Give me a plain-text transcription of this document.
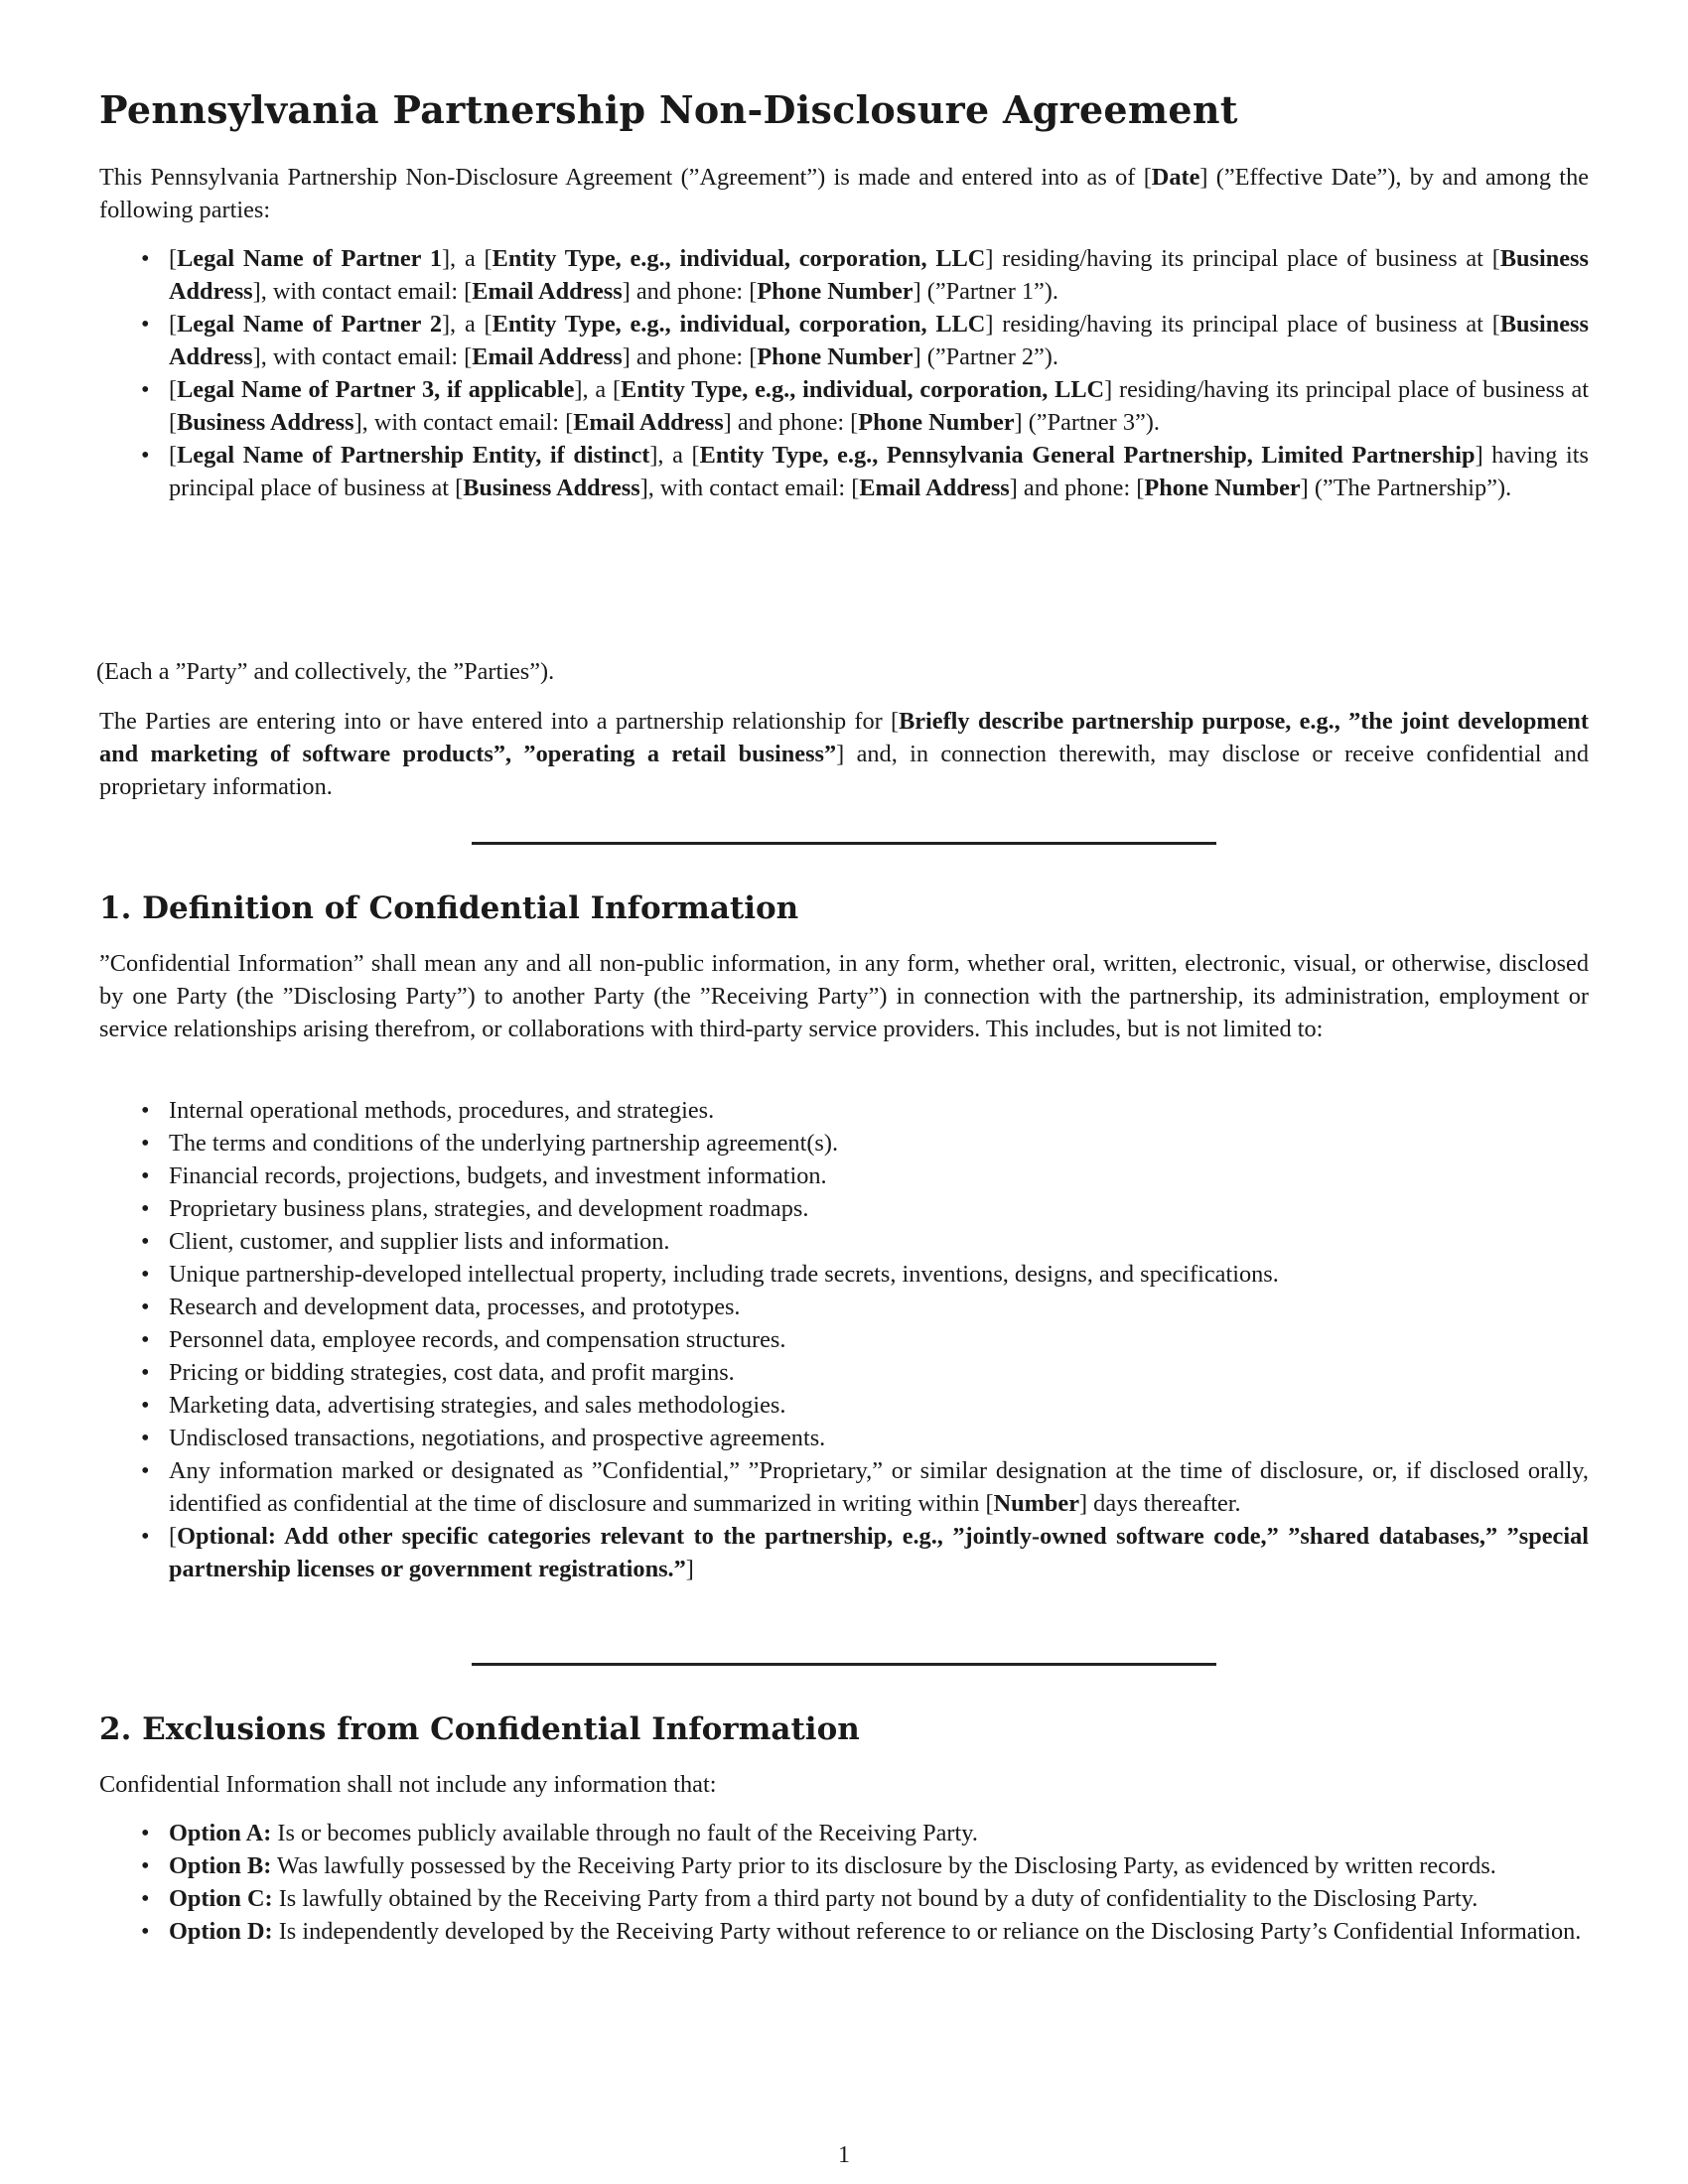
Pennsylvania Partnership Non-Disclosure Agreement

This Pennsylvania Partnership Non-Disclosure Agreement (”Agreement”) is made and entered into as of [Date] (”Effective Date”), by and among the following parties:

• [Legal Name of Partner 1], a [Entity Type, e.g., individual, corporation, LLC] residing/having its principal place of business at [Business Address], with contact email: [Email Address] and phone: [Phone Number] (”Partner 1”).
• [Legal Name of Partner 2], a [Entity Type, e.g., individual, corporation, LLC] residing/having its principal place of business at [Business Address], with contact email: [Email Address] and phone: [Phone Number] (”Partner 2”).
• [Legal Name of Partner 3, if applicable], a [Entity Type, e.g., individual, corporation, LLC] residing/having its principal place of business at [Business Address], with contact email: [Email Address] and phone: [Phone Number] (”Partner 3”).
• [Legal Name of Partnership Entity, if distinct], a [Entity Type, e.g., Pennsylvania General Partnership, Limited Partnership] having its principal place of business at [Business Address], with contact email: [Email Address] and phone: [Phone Number] (”The Partnership”).

(Each a ”Party” and collectively, the ”Parties”).

The Parties are entering into or have entered into a partnership relationship for [Briefly describe partnership purpose, e.g., ”the joint development and marketing of software products”, ”operating a retail business”] and, in connection therewith, may disclose or receive confidential and proprietary information.

1. Definition of Confidential Information

”Confidential Information” shall mean any and all non-public information, in any form, whether oral, written, electronic, visual, or otherwise, disclosed by one Party (the ”Disclosing Party”) to another Party (the ”Receiving Party”) in connection with the partnership, its administration, employment or service relationships arising therefrom, or collaborations with third-party service providers. This includes, but is not limited to:

• Internal operational methods, procedures, and strategies.
• The terms and conditions of the underlying partnership agreement(s).
• Financial records, projections, budgets, and investment information.
• Proprietary business plans, strategies, and development roadmaps.
• Client, customer, and supplier lists and information.
• Unique partnership-developed intellectual property, including trade secrets, inventions, designs, and specifications.
• Research and development data, processes, and prototypes.
• Personnel data, employee records, and compensation structures.
• Pricing or bidding strategies, cost data, and profit margins.
• Marketing data, advertising strategies, and sales methodologies.
• Undisclosed transactions, negotiations, and prospective agreements.
• Any information marked or designated as ”Confidential,” ”Proprietary,” or similar designation at the time of disclosure, or, if disclosed orally, identified as confidential at the time of disclosure and summarized in writing within [Number] days thereafter.
• [Optional: Add other specific categories relevant to the partnership, e.g., ”jointly-owned software code,” ”shared databases,” ”special partnership licenses or government registrations.”]
2. Exclusions from Confidential Information

Confidential Information shall not include any information that:

• Option A: Is or becomes publicly available through no fault of the Receiving Party.
• Option B: Was lawfully possessed by the Receiving Party prior to its disclosure by the Disclosing Party, as evidenced by written records.
• Option C: Is lawfully obtained by the Receiving Party from a third party not bound by a duty of confidentiality to the Disclosing Party.
• Option D: Is independently developed by the Receiving Party without reference to or reliance on the Disclosing Party’s Confidential Information.
1
